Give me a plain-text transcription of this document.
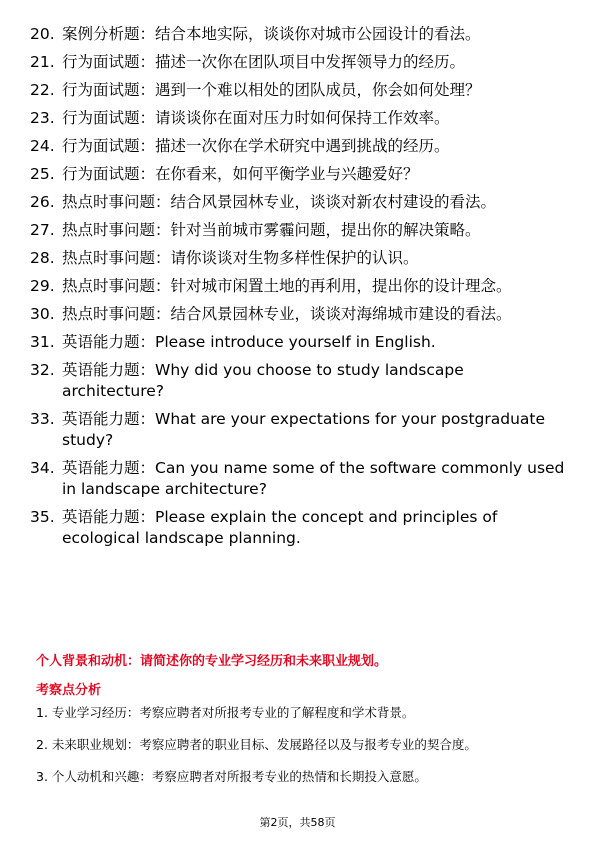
20. 案例分析题：结合本地实际，谈谈你对城市公园设计的看法。
21. 行为面试题：描述一次你在团队项目中发挥领导力的经历。
22. 行为面试题：遇到一个难以相处的团队成员，你会如何处理？
23. 行为面试题：请谈谈你在面对压力时如何保持工作效率。
24. 行为面试题：描述一次你在学术研究中遇到挑战的经历。
25. 行为面试题：在你看来，如何平衡学业与兴趣爱好？
26. 热点时事问题：结合风景园林专业，谈谈对新农村建设的看法。
27. 热点时事问题：针对当前城市雾霾问题，提出你的解决策略。
28. 热点时事问题：请你谈谈对生物多样性保护的认识。
29. 热点时事问题：针对城市闲置土地的再利用，提出你的设计理念。
30. 热点时事问题：结合风景园林专业，谈谈对海绵城市建设的看法。
31. 英语能力题：Please introduce yourself in English.
32. 英语能力题：Why did you choose to study landscape architecture?
33. 英语能力题：What are your expectations for your postgraduate study?
34. 英语能力题：Can you name some of the software commonly used in landscape architecture?
35. 英语能力题：Please explain the concept and principles of ecological landscape planning.
个人背景和动机：请简述你的专业学习经历和未来职业规划。
考察点分析
1. 专业学习经历：考察应聘者对所报考专业的了解程度和学术背景。
2. 未来职业规划：考察应聘者的职业目标、发展路径以及与报考专业的契合度。
3. 个人动机和兴趣：考察应聘者对所报考专业的热情和长期投入意愿。
第2页，共58页
